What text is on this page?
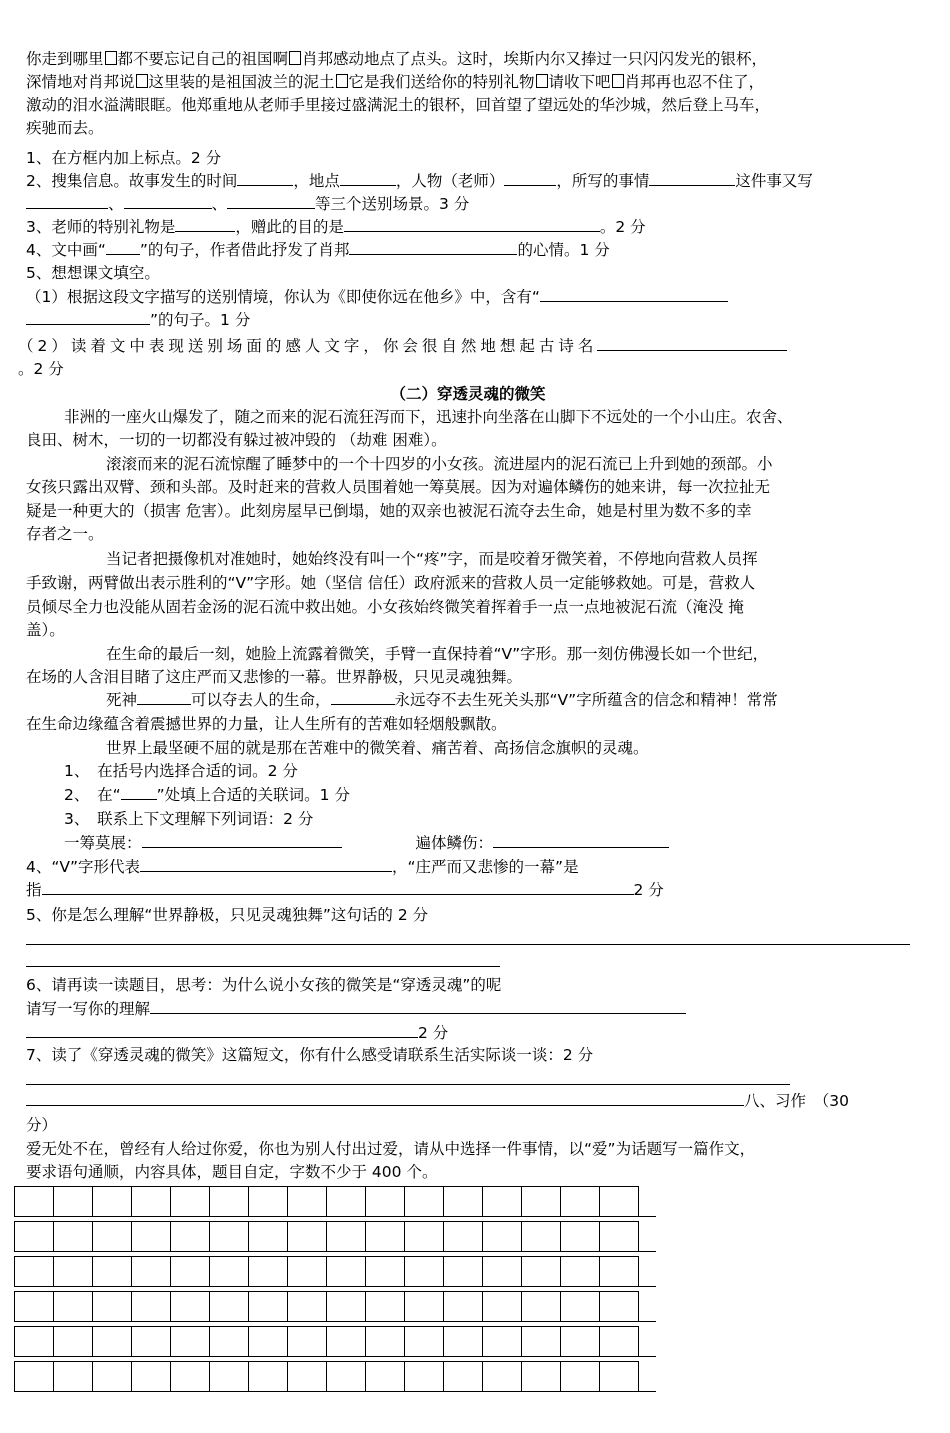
你走到哪里 都不要忘记自己的祖国啊 肖邦感动地点了点头。这时，埃斯内尔又捧过一只闪闪发光的银杯，
深情地对肖邦说 这里装的是祖国波兰的泥土 它是我们送给你的特别礼物 请收下吧 肖邦再也忍不住了，
激动的泪水溢满眼眶。他郑重地从老师手里接过盛满泥土的银杯，回首望了望远处的华沙城，然后登上马车，
疾驰而去。
1、在方框内加上标点。2 分
2、搜集信息。故事发生的时间	，地点	，人物（老师）	，所写的事情	这件事又写
、	、	等三个送别场景。3 分
3、老师的特别礼物是	，赠此的目的是	。2 分
4、文中画“ ”的句子，作者借此抒发了肖邦	的心情。1 分
5、想想课文填空。
（1）根据这段文字描写的送别情境，你认为《即使你远在他乡》中，含有“
”的句子。1 分
（2）读着文中表现送别场面的感人文字，你会很自然地想起古诗名
。2 分
（二）穿透灵魂的微笑
非洲的一座火山爆发了，随之而来的泥石流狂泻而下，迅速扑向坐落在山脚下不远处的一个小山庄。农舍、
良田、树木，一切的一切都没有躲过被冲毁的 （劫难 困难）。
滚滚而来的泥石流惊醒了睡梦中的一个十四岁的小女孩。流进屋内的泥石流已上升到她的颈部。小
女孩只露出双臂、颈和头部。及时赶来的营救人员围着她一筹莫展。因为对遍体鳞伤的她来讲，每一次拉扯无
疑是一种更大的（损害 危害）。此刻房屋早已倒塌，她的双亲也被泥石流夺去生命，她是村里为数不多的幸
存者之一。
当记者把摄像机对准她时，她始终没有叫一个“疼”字，而是咬着牙微笑着，不停地向营救人员挥
手致谢，两臂做出表示胜利的“V”字形。她（坚信 信任）政府派来的营救人员一定能够救她。可是，营救人
员倾尽全力也没能从固若金汤的泥石流中救出她。小女孩始终微笑着挥着手一点一点地被泥石流（淹没 掩
盖）。
在生命的最后一刻，她脸上流露着微笑，手臂一直保持着“V”字形。那一刻仿佛漫长如一个世纪，
在场的人含泪目睹了这庄严而又悲惨的一幕。世界静极，只见灵魂独舞。
死神	可以夺去人的生命，	永远夺不去生死关头那“V”字所蕴含的信念和精神！常常
在生命边缘蕴含着震撼世界的力量，让人生所有的苦难如轻烟般飘散。
世界上最坚硬不屈的就是那在苦难中的微笑着、痛苦着、高扬信念旗帜的灵魂。
1、　在括号内选择合适的词。2 分
2、　在“ ”处填上合适的关联词。1 分
3、　联系上下文理解下列词语：2 分
一筹莫展：	遍体鳞伤：
4、“V”字形代表	，“庄严而又悲惨的一幕”是
指	2 分
5、你是怎么理解“世界静极，只见灵魂独舞”这句话的 2 分
6、请再读一读题目，思考：为什么说小女孩的微笑是“穿透灵魂”的呢
请写一写你的理解
2 分
7、读了《穿透灵魂的微笑》这篇短文，你有什么感受请联系生活实际谈一谈：2 分
八、习作　（30
分）
爱无处不在，曾经有人给过你爱，你也为别人付出过爱，请从中选择一件事情，以“爱”为话题写一篇作文，
要求语句通顺，内容具体，题目自定，字数不少于 400 个。
